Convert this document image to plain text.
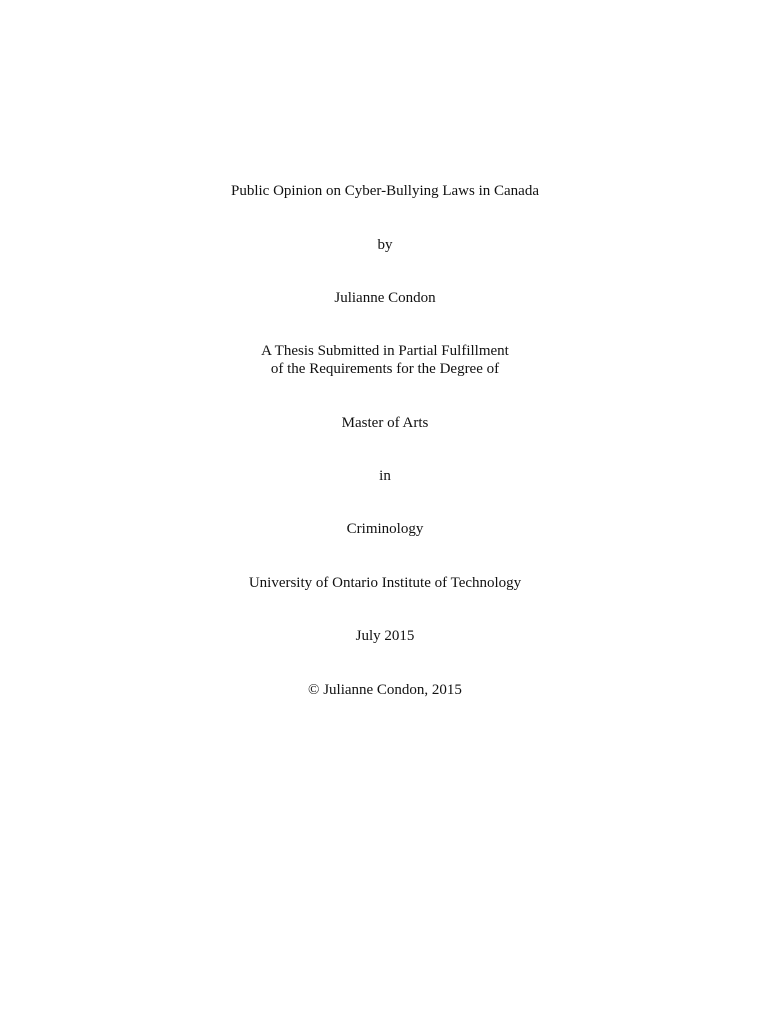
Public Opinion on Cyber-Bullying Laws in Canada
by
Julianne Condon
A Thesis Submitted in Partial Fulfillment
of the Requirements for the Degree of
Master of Arts
in
Criminology
University of Ontario Institute of Technology
July 2015
© Julianne Condon, 2015
